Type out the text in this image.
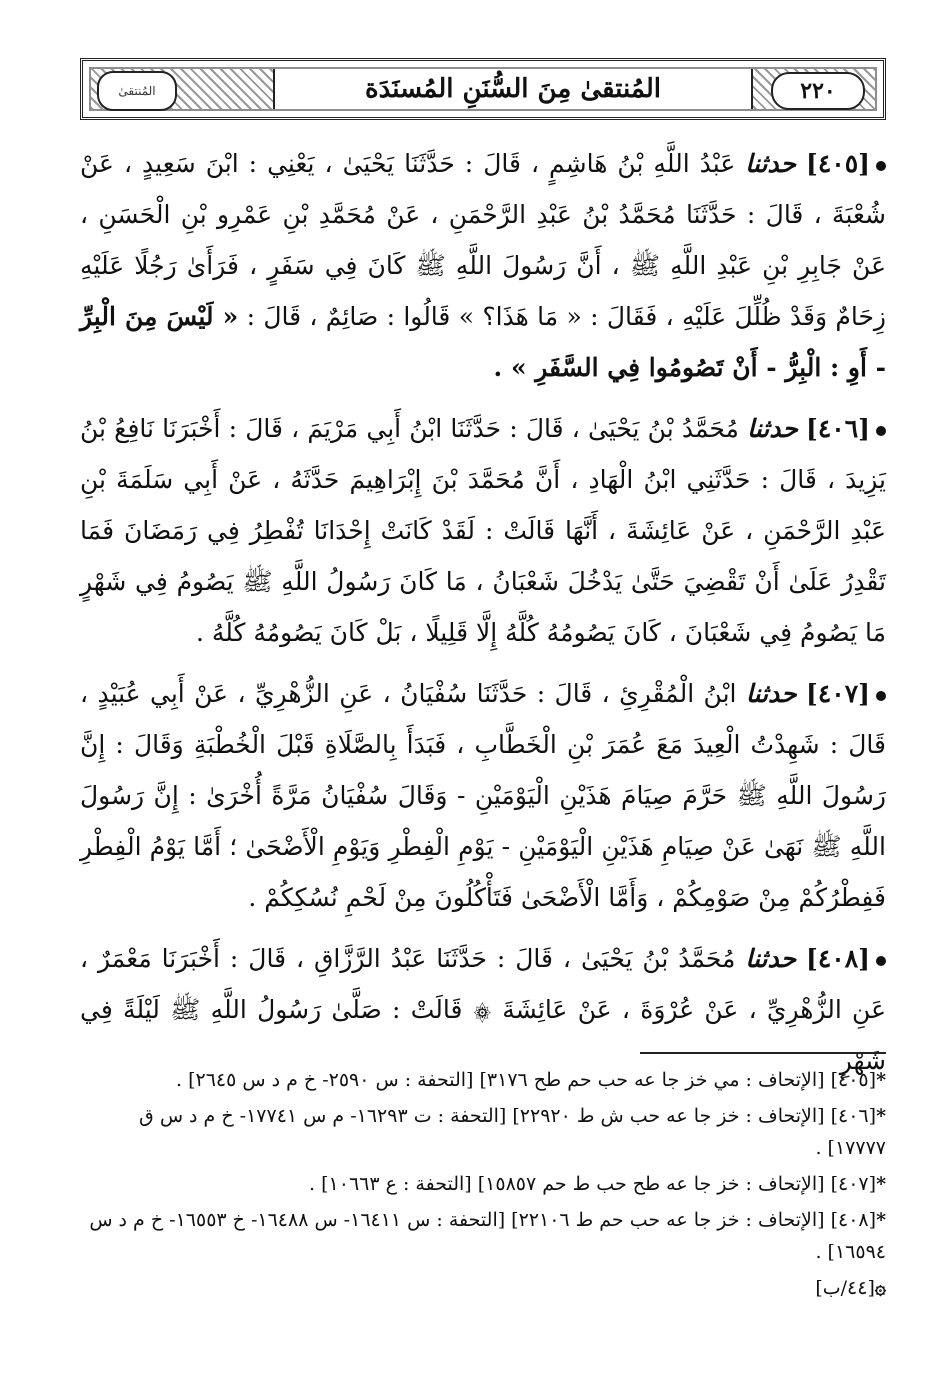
٢٢٠
المُنتقىٰ مِنَ السُّنَنِ المُسنَدَة
المُنتقىٰ

[٤٠٥] حدثنا عَبْدُ اللَّهِ بْنُ هَاشِمٍ ، قَالَ : حَدَّثَنَا يَحْيَىٰ ، يَعْنِي : ابْنَ سَعِيدٍ ، عَنْ شُعْبَةَ ، قَالَ : حَدَّثَنَا مُحَمَّدُ بْنُ عَبْدِ الرَّحْمَنِ ، عَنْ مُحَمَّدِ بْنِ عَمْرِو بْنِ الْحَسَنِ ، عَنْ جَابِرِ بْنِ عَبْدِ اللَّهِ ﷺ ، أَنَّ رَسُولَ اللَّهِ ﷺ كَانَ فِي سَفَرٍ ، فَرَأَىٰ رَجُلًا عَلَيْهِ زِحَامٌ وَقَدْ ظُلِّلَ عَلَيْهِ ، فَقَالَ : « مَا هَذَا؟ » قَالُوا : صَائِمٌ ، قَالَ : « لَيْسَ مِنَ الْبِرِّ - أَوِ : الْبِرُّ - أَنْ تَصُومُوا فِي السَّفَرِ » .

[٤٠٦] حدثنا مُحَمَّدُ بْنُ يَحْيَىٰ ، قَالَ : حَدَّثَنَا ابْنُ أَبِي مَرْيَمَ ، قَالَ : أَخْبَرَنَا نَافِعُ بْنُ يَزِيدَ ، قَالَ : حَدَّثَنِي ابْنُ الْهَادِ ، أَنَّ مُحَمَّدَ بْنَ إِبْرَاهِيمَ حَدَّثَهُ ، عَنْ أَبِي سَلَمَةَ بْنِ عَبْدِ الرَّحْمَنِ ، عَنْ عَائِشَةَ ، أَنَّهَا قَالَتْ : لَقَدْ كَانَتْ إِحْدَانَا تُفْطِرُ فِي رَمَضَانَ فَمَا تَقْدِرُ عَلَىٰ أَنْ تَقْضِيَ حَتَّىٰ يَدْخُلَ شَعْبَانُ ، مَا كَانَ رَسُولُ اللَّهِ ﷺ يَصُومُ فِي شَهْرٍ مَا يَصُومُ فِي شَعْبَانَ ، كَانَ يَصُومُهُ كُلَّهُ إِلَّا قَلِيلًا ، بَلْ كَانَ يَصُومُهُ كُلَّهُ .

[٤٠٧] حدثنا ابْنُ الْمُقْرِئِ ، قَالَ : حَدَّثَنَا سُفْيَانُ ، عَنِ الزُّهْرِيِّ ، عَنْ أَبِي عُبَيْدٍ ، قَالَ : شَهِدْتُ الْعِيدَ مَعَ عُمَرَ بْنِ الْخَطَّابِ ، فَبَدَأَ بِالصَّلَاةِ قَبْلَ الْخُطْبَةِ وَقَالَ : إِنَّ رَسُولَ اللَّهِ ﷺ حَرَّمَ صِيَامَ هَذَيْنِ الْيَوْمَيْنِ - وَقَالَ سُفْيَانُ مَرَّةً أُخْرَىٰ : إِنَّ رَسُولَ اللَّهِ ﷺ نَهَىٰ عَنْ صِيَامِ هَذَيْنِ الْيَوْمَيْنِ - يَوْمِ الْفِطْرِ وَيَوْمِ الْأَضْحَىٰ ؛ أَمَّا يَوْمُ الْفِطْرِ فَفِطْرُكُمْ مِنْ صَوْمِكُمْ ، وَأَمَّا الْأَضْحَىٰ فَتَأْكُلُونَ مِنْ لَحْمِ نُسُكِكُمْ .

[٤٠٨] حدثنا مُحَمَّدُ بْنُ يَحْيَىٰ ، قَالَ : حَدَّثَنَا عَبْدُ الرَّزَّاقِ ، قَالَ : أَخْبَرَنَا مَعْمَرٌ ، عَنِ الزُّهْرِيِّ ، عَنْ عُرْوَةَ ، عَنْ عَائِشَةَ ۞ قَالَتْ : صَلَّىٰ رَسُولُ اللَّهِ ﷺ لَيْلَةً فِي شَهْرِ

*[٤٠٥] [الإتحاف : مي خز جا عه حب حم طح ٣١٧٦] [التحفة : س ٢٥٩٠- خ م د س ٢٦٤٥] .

*[٤٠٦] [الإتحاف : خز جا عه حب ش ط ٢٢٩٢٠] [التحفة : ت ١٦٢٩٣- م س ١٧٧٤١- خ م د س ق ١٧٧٧٧] .

*[٤٠٧] [الإتحاف : خز جا عه طح حب ط حم ١٥٨٥٧] [التحفة : ع ١٠٦٦٣] .

*[٤٠٨] [الإتحاف : خز جا عه حب حم ط ٢٢١٠٦] [التحفة : س ١٦٤١١- س ١٦٤٨٨- خ ١٦٥٥٣- خ م د س ١٦٥٩٤] .

۞[٤٤/ب]
